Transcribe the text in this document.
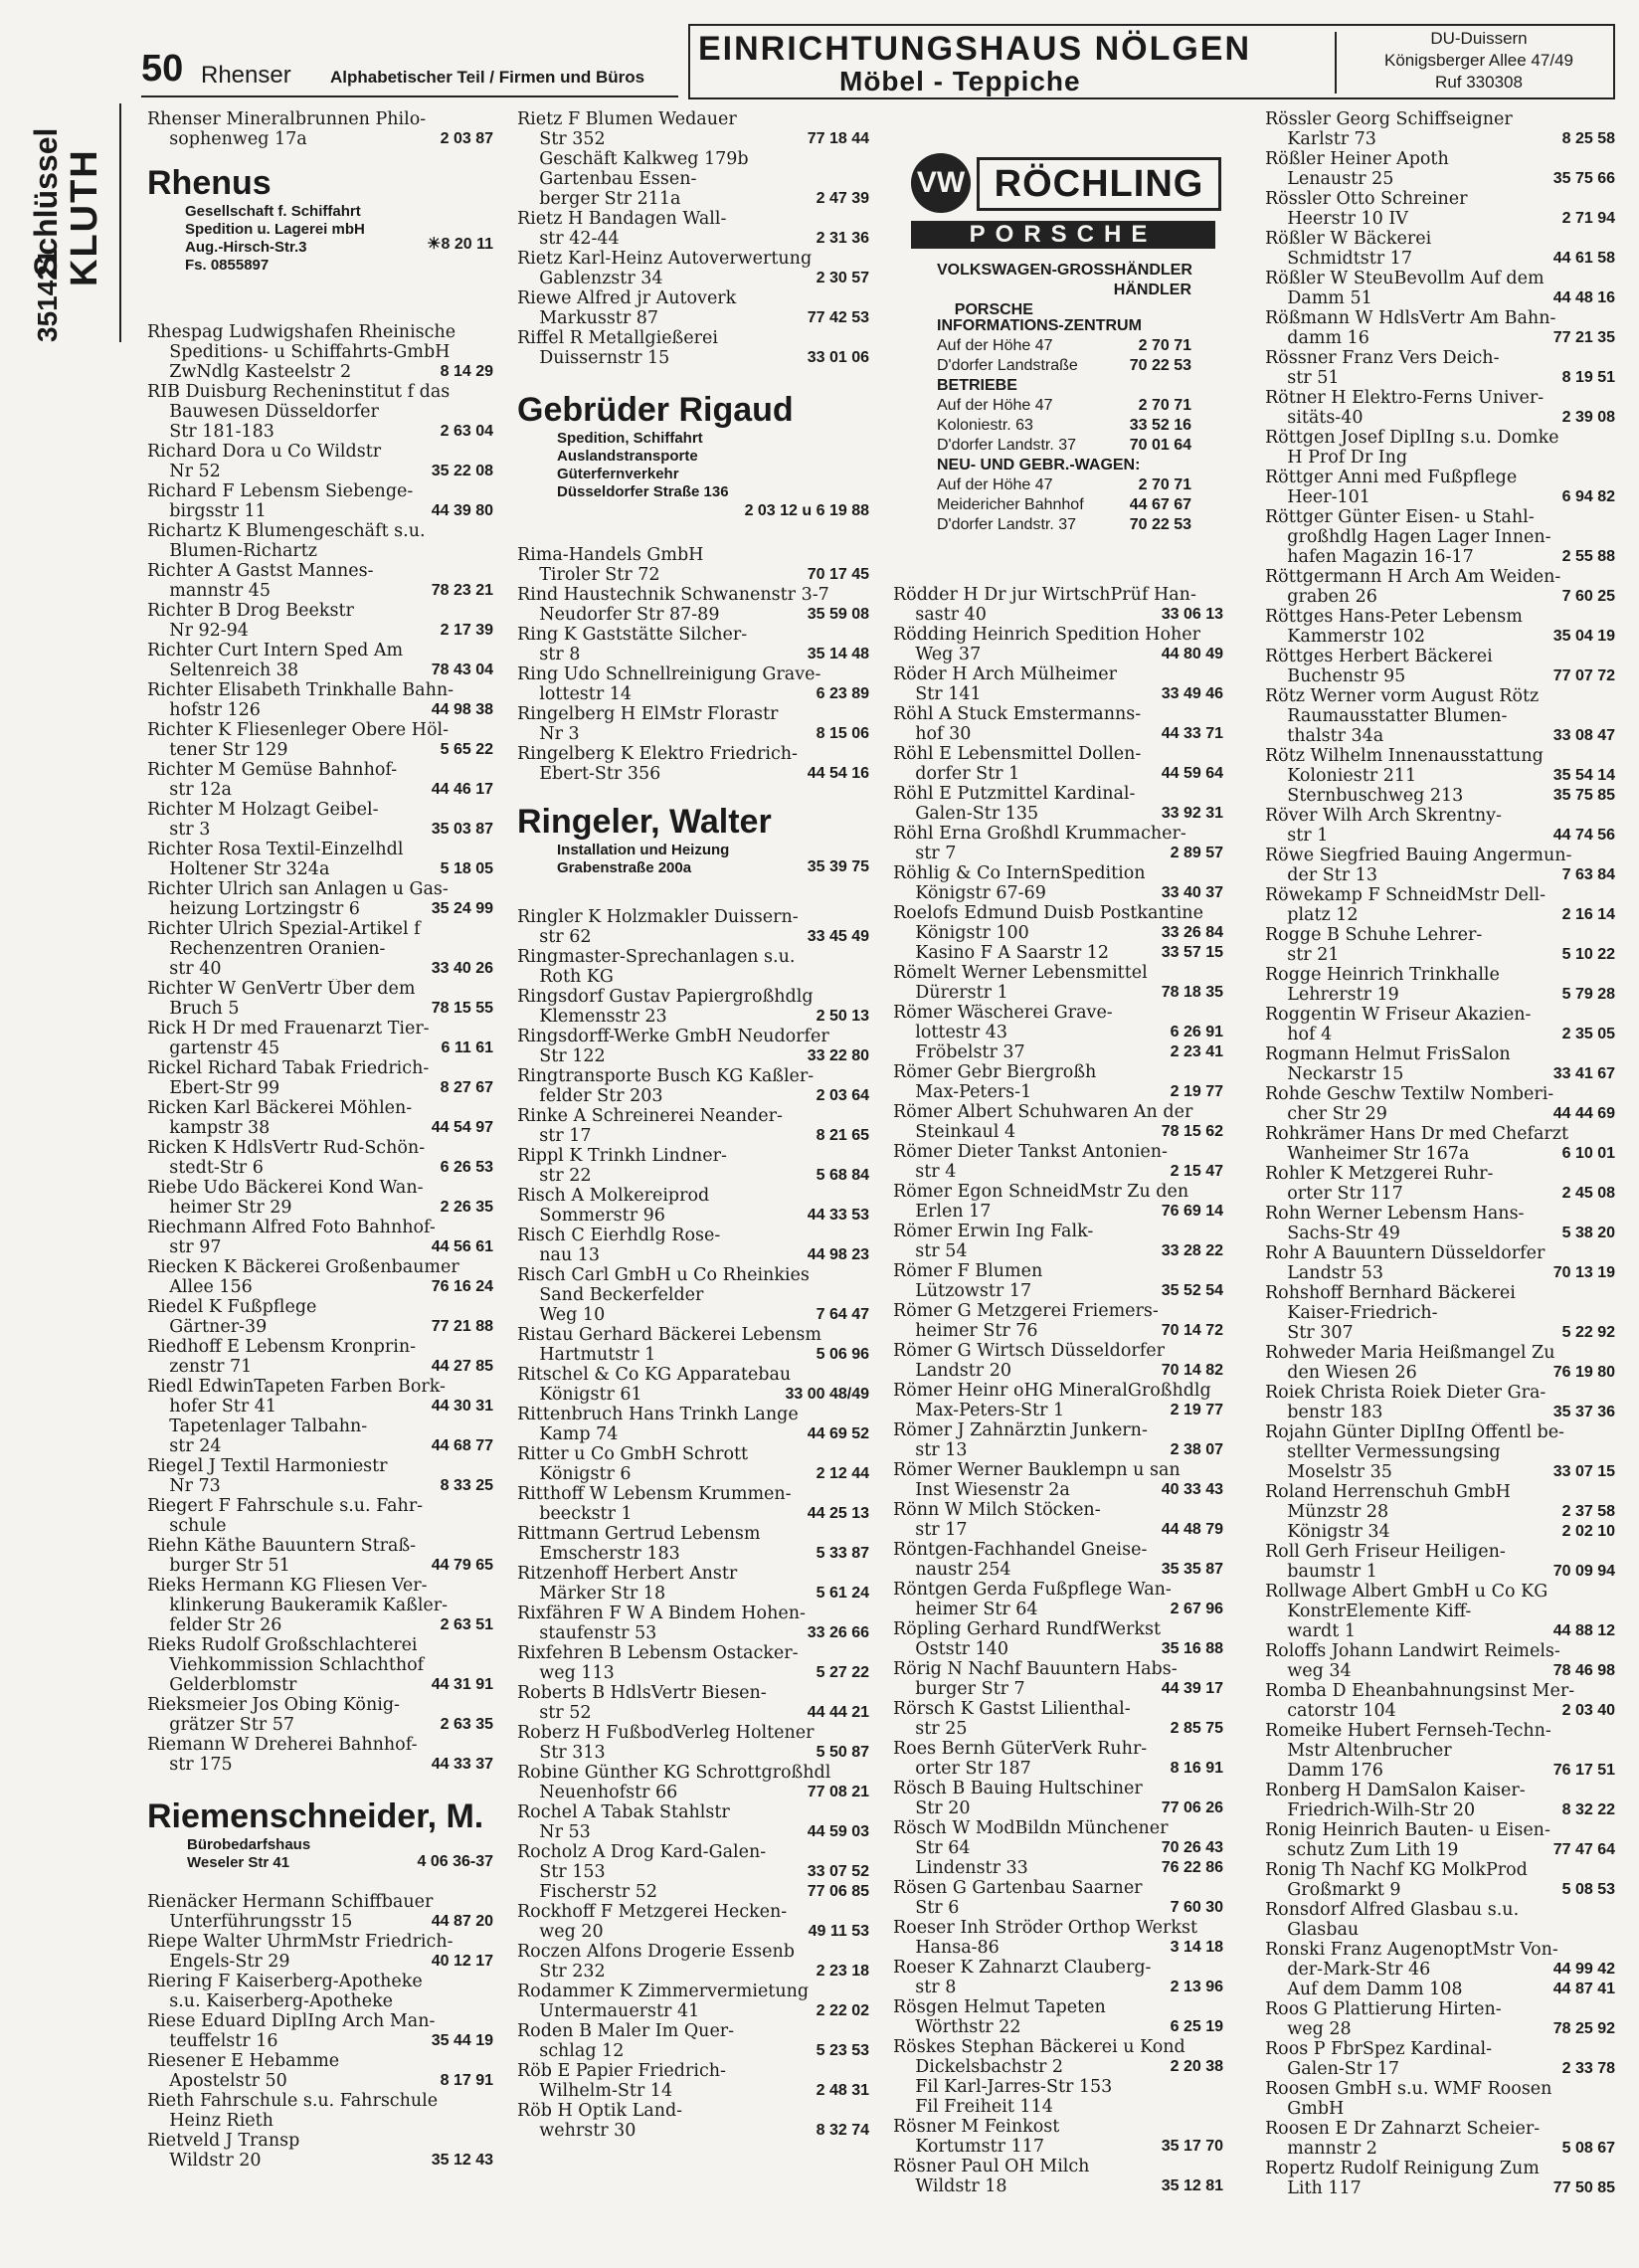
50 Rhenser Alphabetischer Teil / Firmen und Büros
EINRICHTUNGSHAUS NÖLGEN
Möbel - Teppiche
DU-Duissern
Königsberger Allee 47/49
Ruf 330308
351421
Schlüssel KLUTH
Rhenser Mineralbrunnen Philo-
sophenweg 17a	2 03 87
Rhenus
Gesellschaft f. Schiffahrt
Spedition u. Lagerei mbH
Aug.-Hirsch-Str.3
Fs. 0855897
☀8 20 11
Rhespag Ludwigshafen Rheinische
Speditions- u Schiffahrts-GmbH
ZwNdlg Kasteelstr 2	8 14 29
RIB Duisburg Recheninstitut f das
Bauwesen Düsseldorfer
Str 181-183	2 63 04
Richard Dora u Co Wildstr
Nr 52	35 22 08
Richard F Lebensm Siebenge-
birgsstr 11	44 39 80
Richartz K Blumengeschäft s.u.
Blumen-Richartz
Richter A Gastst Mannes-
mannstr 45	78 23 21
Richter B Drog Beekstr
Nr 92-94	2 17 39
Richter Curt Intern Sped Am
Seltenreich 38	78 43 04
Richter Elisabeth Trinkhalle Bahn-
hofstr 126	44 98 38
Richter K Fliesenleger Obere Höl-
tener Str 129	5 65 22
Richter M Gemüse Bahnhof-
str 12a	44 46 17
Richter M Holzagt Geibel-
str 3	35 03 87
Richter Rosa Textil-Einzelhdl
Holtener Str 324a	5 18 05
Richter Ulrich san Anlagen u Gas-
heizung Lortzingstr 6	35 24 99
Richter Ulrich Spezial-Artikel f
Rechenzentren Oranien-
str 40	33 40 26
Richter W GenVertr Über dem
Bruch 5	78 15 55
Rick H Dr med Frauenarzt Tier-
gartenstr 45	6 11 61
Rickel Richard Tabak Friedrich-
Ebert-Str 99	8 27 67
Ricken Karl Bäckerei Möhlen-
kampstr 38	44 54 97
Ricken K HdlsVertr Rud-Schön-
stedt-Str 6	6 26 53
Riebe Udo Bäckerei Kond Wan-
heimer Str 29	2 26 35
Riechmann Alfred Foto Bahnhof-
str 97	44 56 61
Riecken K Bäckerei Großenbaumer
Allee 156	76 16 24
Riedel K Fußpflege
Gärtner-39	77 21 88
Riedhoff E Lebensm Kronprin-
zenstr 71	44 27 85
Riedl EdwinTapeten Farben Bork-
hofer Str 41	44 30 31
Tapetenlager Talbahn-
str 24	44 68 77
Riegel J Textil Harmoniestr
Nr 73	8 33 25
Riegert F Fahrschule s.u. Fahr-
schule
Riehn Käthe Bauuntern Straß-
burger Str 51	44 79 65
Rieks Hermann KG Fliesen Ver-
klinkerung Baukeramik Kaßler-
felder Str 26	2 63 51
Rieks Rudolf Großschlachterei
Viehkommission Schlachthof
Gelderblomstr	44 31 91
Rieksmeier Jos Obing König-
grätzer Str 57	2 63 35
Riemann W Dreherei Bahnhof-
str 175	44 33 37
Riemenschneider, M.
Bürobedarfshaus
Weseler Str 41	4 06 36-37
Rienäcker Hermann Schiffbauer
Unterführungsstr 15	44 87 20
Riepe Walter UhrmMstr Friedrich-
Engels-Str 29	40 12 17
Riering F Kaiserberg-Apotheke
s.u. Kaiserberg-Apotheke
Riese Eduard DiplIng Arch Man-
teuffelstr 16	35 44 19
Riesener E Hebamme
Apostelstr 50	8 17 91
Rieth Fahrschule s.u. Fahrschule
Heinz Rieth
Rietveld J Transp
Wildstr 20	35 12 43
Rietz F Blumen Wedauer
Str 352	77 18 44
Geschäft Kalkweg 179b
Gartenbau Essen-
berger Str 211a	2 47 39
Rietz H Bandagen Wall-
str 42-44	2 31 36
Rietz Karl-Heinz Autoverwertung
Gablenzstr 34	2 30 57
Riewe Alfred jr Autoverk
Markusstr 87	77 42 53
Riffel R Metallgießerei
Duissernstr 15	33 01 06
Gebrüder Rigaud
Spedition, Schiffahrt
Auslandstransporte
Güterfernverkehr
Düsseldorfer Straße 136
2 03 12 u 6 19 88
Rima-Handels GmbH
Tiroler Str 72	70 17 45
Rind Haustechnik Schwanenstr 3-7
Neudorfer Str 87-89	35 59 08
Ring K Gaststätte Silcher-
str 8	35 14 48
Ring Udo Schnellreinigung Grave-
lottestr 14	6 23 89
Ringelberg H ElMstr Florastr
Nr 3	8 15 06
Ringelberg K Elektro Friedrich-
Ebert-Str 356	44 54 16
Ringeler, Walter
Installation und Heizung
Grabenstraße 200a	35 39 75
Ringler K Holzmakler Duissern-
str 62	33 45 49
Ringmaster-Sprechanlagen s.u.
Roth KG
Ringsdorf Gustav Papiergroßhdlg
Klemensstr 23	2 50 13
Ringsdorff-Werke GmbH Neudorfer
Str 122	33 22 80
Ringtransporte Busch KG Kaßler-
felder Str 203	2 03 64
Rinke A Schreinerei Neander-
str 17	8 21 65
Rippl K Trinkh Lindner-
str 22	5 68 84
Risch A Molkereiprod
Sommerstr 96	44 33 53
Risch C Eierhdlg Rose-
nau 13	44 98 23
Risch Carl GmbH u Co Rheinkies
Sand Beckerfelder
Weg 10	7 64 47
Ristau Gerhard Bäckerei Lebensm
Hartmutstr 1	5 06 96
Ritschel & Co KG Apparatebau
Königstr 61	33 00 48/49
Rittenbruch Hans Trinkh Lange
Kamp 74	44 69 52
Ritter u Co GmbH Schrott
Königstr 6	2 12 44
Ritthoff W Lebensm Krummen-
beeckstr 1	44 25 13
Rittmann Gertrud Lebensm
Emscherstr 183	5 33 87
Ritzenhoff Herbert Anstr
Märker Str 18	5 61 24
Rixfähren F W A Bindem Hohen-
staufenstr 53	33 26 66
Rixfehren B Lebensm Ostacker-
weg 113	5 27 22
Roberts B HdlsVertr Biesen-
str 52	44 44 21
Roberz H FußbodVerleg Holtener
Str 313	5 50 87
Robine Günther KG Schrottgroßhdl
Neuenhofstr 66	77 08 21
Rochel A Tabak Stahlstr
Nr 53	44 59 03
Rocholz A Drog Kard-Galen-
Str 153	33 07 52
Fischerstr 52	77 06 85
Rockhoff F Metzgerei Hecken-
weg 20	49 11 53
Roczen Alfons Drogerie Essenb
Str 232	2 23 18
Rodammer K Zimmervermietung
Untermauerstr 41	2 22 02
Roden B Maler Im Quer-
schlag 12	5 23 53
Röb E Papier Friedrich-
Wilhelm-Str 14	2 48 31
Röb H Optik Land-
wehrstr 30	8 32 74
VW RÖCHLING
PORSCHE
VOLKSWAGEN-GROSSHÄNDLER

PORSCHE

HÄNDLER

INFORMATIONS-ZENTRUM
Auf der Höhe 47	2 70 71
D'dorfer Landstraße	70 22 53
BETRIEBE
Auf der Höhe 47	2 70 71
Koloniestr. 63	33 52 16
D'dorfer Landstr. 37	70 01 64
NEU- UND GEBR.-WAGEN:
Auf der Höhe 47	2 70 71
Meidericher Bahnhof	44 67 67
D'dorfer Landstr. 37	70 22 53
Rödder H Dr jur WirtschPrüf Han-
sastr 40	33 06 13
Rödding Heinrich Spedition Hoher
Weg 37	44 80 49
Röder H Arch Mülheimer
Str 141	33 49 46
Röhl A Stuck Emstermanns-
hof 30	44 33 71
Röhl E Lebensmittel Dollen-
dorfer Str 1	44 59 64
Röhl E Putzmittel Kardinal-
Galen-Str 135	33 92 31
Röhl Erna Großhdl Krummacher-
str 7	2 89 57
Röhlig & Co InternSpedition
Königstr 67-69	33 40 37
Roelofs Edmund Duisb Postkantine
Königstr 100	33 26 84
Kasino F A Saarstr 12	33 57 15
Römelt Werner Lebensmittel
Dürerstr 1	78 18 35
Römer Wäscherei Grave-
lottestr 43	6 26 91
Fröbelstr 37	2 23 41
Römer Gebr Biergroßh
Max-Peters-1	2 19 77
Römer Albert Schuhwaren An der
Steinkaul 4	78 15 62
Römer Dieter Tankst Antonien-
str 4	2 15 47
Römer Egon SchneidMstr Zu den
Erlen 17	76 69 14
Römer Erwin Ing Falk-
str 54	33 28 22
Römer F Blumen
Lützowstr 17	35 52 54
Römer G Metzgerei Friemers-
heimer Str 76	70 14 72
Römer G Wirtsch Düsseldorfer
Landstr 20	70 14 82
Römer Heinr oHG MineralGroßhdlg
Max-Peters-Str 1	2 19 77
Römer J Zahnärztin Junkern-
str 13	2 38 07
Römer Werner Bauklempn u san
Inst Wiesenstr 2a	40 33 43
Rönn W Milch Stöcken-
str 17	44 48 79
Röntgen-Fachhandel Gneise-
naustr 254	35 35 87
Röntgen Gerda Fußpflege Wan-
heimer Str 64	2 67 96
Röpling Gerhard RundfWerkst
Oststr 140	35 16 88
Rörig N Nachf Bauuntern Habs-
burger Str 7	44 39 17
Rörsch K Gastst Lilienthal-
str 25	2 85 75
Roes Bernh GüterVerk Ruhr-
orter Str 187	8 16 91
Rösch B Bauing Hultschiner
Str 20	77 06 26
Rösch W ModBildn Münchener
Str 64	70 26 43
Lindenstr 33	76 22 86
Rösen G Gartenbau Saarner
Str 6	7 60 30
Roeser Inh Ströder Orthop Werkst
Hansa-86	3 14 18
Roeser K Zahnarzt Clauberg-
str 8	2 13 96
Rösgen Helmut Tapeten
Wörthstr 22	6 25 19
Röskes Stephan Bäckerei u Kond
Dickelsbachstr 2	2 20 38
Fil Karl-Jarres-Str 153
Fil Freiheit 114
Rösner M Feinkost
Kortumstr 117	35 17 70
Rösner Paul OH Milch
Wildstr 18	35 12 81
Rössler Georg Schiffseigner
Karlstr 73	8 25 58
Rößler Heiner Apoth
Lenaustr 25	35 75 66
Rössler Otto Schreiner
Heerstr 10 IV	2 71 94
Rößler W Bäckerei
Schmidtstr 17	44 61 58
Rößler W SteuBevollm Auf dem
Damm 51	44 48 16
Rößmann W HdlsVertr Am Bahn-
damm 16	77 21 35
Rössner Franz Vers Deich-
str 51	8 19 51
Rötner H Elektro-Ferns Univer-
sitäts-40	2 39 08
Röttgen Josef DiplIng s.u. Domke
H Prof Dr Ing
Röttger Anni med Fußpflege
Heer-101	6 94 82
Röttger Günter Eisen- u Stahl-
großhdlg Hagen Lager Innen-
hafen Magazin 16-17	2 55 88
Röttgermann H Arch Am Weiden-
graben 26	7 60 25
Röttges Hans-Peter Lebensm
Kammerstr 102	35 04 19
Röttges Herbert Bäckerei
Buchenstr 95	77 07 72
Rötz Werner vorm August Rötz
Raumausstatter Blumen-
thalstr 34a	33 08 47
Rötz Wilhelm Innenausstattung
Koloniestr 211	35 54 14
Sternbuschweg 213	35 75 85
Röver Wilh Arch Skrentny-
str 1	44 74 56
Röwe Siegfried Bauing Angermun-
der Str 13	7 63 84
Röwekamp F SchneidMstr Dell-
platz 12	2 16 14
Rogge B Schuhe Lehrer-
str 21	5 10 22
Rogge Heinrich Trinkhalle
Lehrerstr 19	5 79 28
Roggentin W Friseur Akazien-
hof 4	2 35 05
Rogmann Helmut FrisSalon
Neckarstr 15	33 41 67
Rohde Geschw Textilw Nomberi-
cher Str 29	44 44 69
Rohkrämer Hans Dr med Chefarzt
Wanheimer Str 167a	6 10 01
Rohler K Metzgerei Ruhr-
orter Str 117	2 45 08
Rohn Werner Lebensm Hans-
Sachs-Str 49	5 38 20
Rohr A Bauuntern Düsseldorfer
Landstr 53	70 13 19
Rohshoff Bernhard Bäckerei
Kaiser-Friedrich-
Str 307	5 22 92
Rohweder Maria Heißmangel Zu
den Wiesen 26	76 19 80
Roiek Christa Roiek Dieter Gra-
benstr 183	35 37 36
Rojahn Günter DiplIng Öffentl be-
stellter Vermessungsing
Moselstr 35	33 07 15
Roland Herrenschuh GmbH
Münzstr 28	2 37 58
Königstr 34	2 02 10
Roll Gerh Friseur Heiligen-
baumstr 1	70 09 94
Rollwage Albert GmbH u Co KG
KonstrElemente Kiff-
wardt 1	44 88 12
Roloffs Johann Landwirt Reimels-
weg 34	78 46 98
Romba D Eheanbahnungsinst Mer-
catorstr 104	2 03 40
Romeike Hubert Fernseh-Techn-
Mstr Altenbrucher
Damm 176	76 17 51
Ronberg H DamSalon Kaiser-
Friedrich-Wilh-Str 20	8 32 22
Ronig Heinrich Bauten- u Eisen-
schutz Zum Lith 19	77 47 64
Ronig Th Nachf KG MolkProd
Großmarkt 9	5 08 53
Ronsdorf Alfred Glasbau s.u.
Glasbau
Ronski Franz AugenoptMstr Von-
der-Mark-Str 46	44 99 42
Auf dem Damm 108	44 87 41
Roos G Plattierung Hirten-
weg 28	78 25 92
Roos P FbrSpez Kardinal-
Galen-Str 17	2 33 78
Roosen GmbH s.u. WMF Roosen
GmbH
Roosen E Dr Zahnarzt Scheier-
mannstr 2	5 08 67
Ropertz Rudolf Reinigung Zum
Lith 117	77 50 85
